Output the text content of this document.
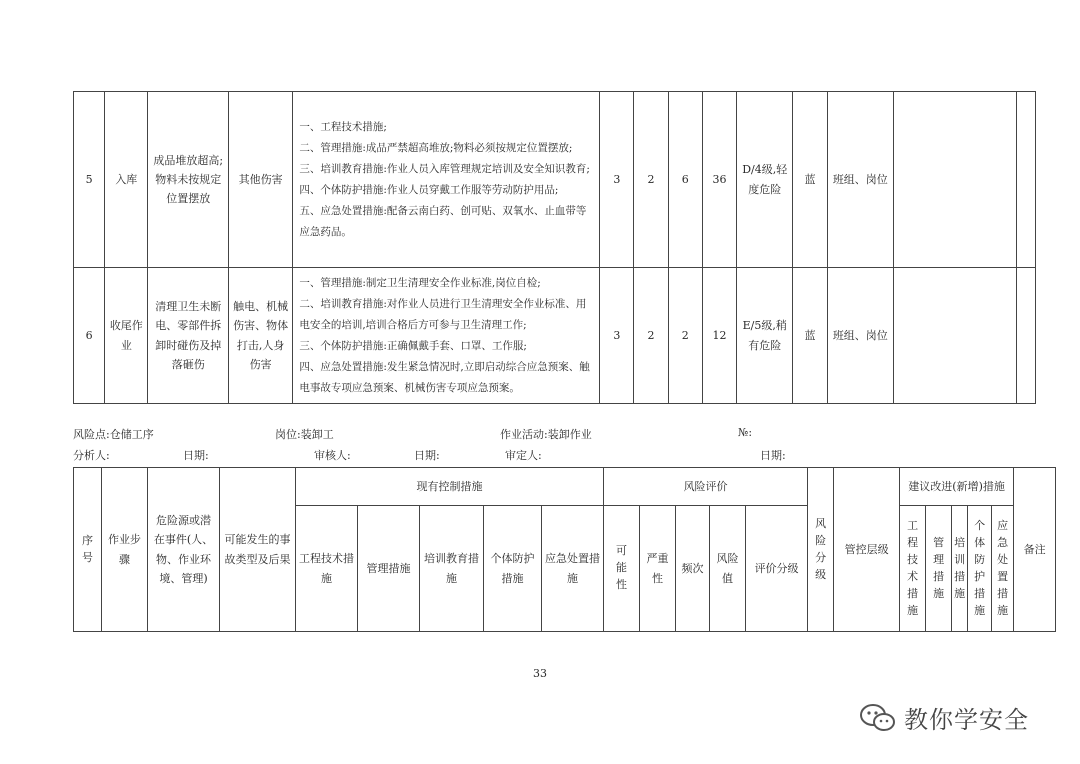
5	入库	成品堆放超高;物料未按规定位置摆放	其他伤害	一、工程技术措施;
二、管理措施:成品严禁超高堆放;物料必须按规定位置摆放;
三、培训教育措施:作业人员入库管理规定培训及安全知识教育;
四、个体防护措施:作业人员穿戴工作服等劳动防护用品;
五、应急处置措施:配备云南白药、创可贴、双氧水、止血带等应急药品。	3	2	6	36	D/4级,轻度危险	蓝	班组、岗位		
6	收尾作业	清理卫生未断电、零部件拆卸时碰伤及掉落砸伤	触电、机械伤害、物体打击,人身伤害	一、管理措施:制定卫生清理安全作业标准,岗位自检;
二、培训教育措施:对作业人员进行卫生清理安全作业标准、用电安全的培训,培训合格后方可参与卫生清理工作;
三、个体防护措施:正确佩戴手套、口罩、工作服;
四、应急处置措施:发生紧急情况时,立即启动综合应急预案、触电事故专项应急预案、机械伤害专项应急预案。	3	2	2	12	E/5级,稍有危险	蓝	班组、岗位		
风险点:仓储工序	岗位:装卸工	作业活动:装卸作业	№:
分析人:	日期:	审核人:	日期:	审定人:	日期:
序号	作业步骤	危险源或潜在事件(人、物、作业环境、管理)	可能发生的事故类型及后果	现有控制措施					风险评价					风险分级	管控层级	建议改进(新增)措施					备注
				工程技术措施	管理措施	培训教育措施	个体防护措施	应急处置措施	可能性	严重性	频次	风险值	评价分级			工程技术措施	管理措施	培训措施	个体防护措施	应急处置措施	
33
教你学安全
